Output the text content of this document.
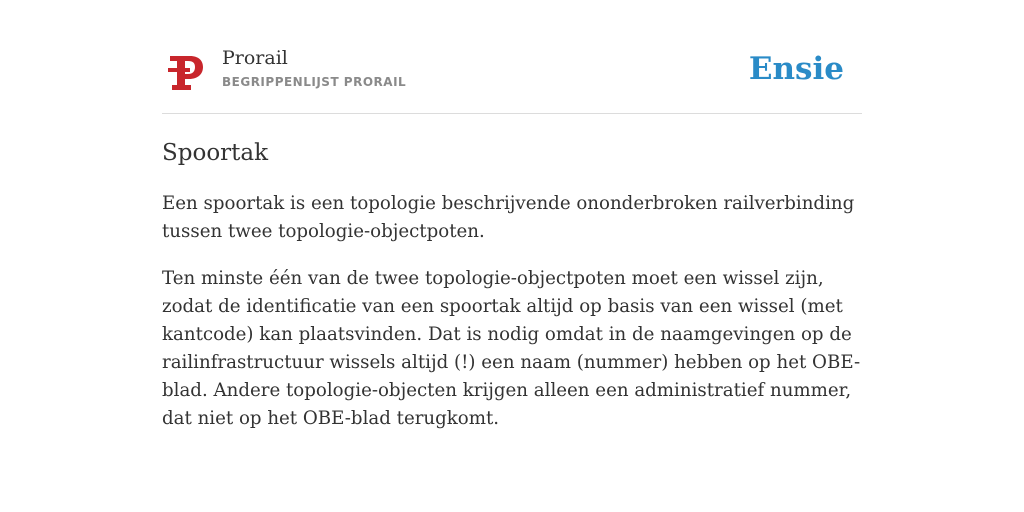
Prorail
BEGRIPPENLIJST PRORAIL	Ensie
Spoortak

Een spoortak is een topologie beschrijvende ononderbroken railverbinding tussen twee topologie-objectpoten.

Ten minste één van de twee topologie-objectpoten moet een wissel zijn, zodat de identificatie van een spoortak altijd op basis van een wissel (met kantcode) kan plaatsvinden. Dat is nodig omdat in de naamgevingen op de railinfrastructuur wissels altijd (!) een naam (nummer) hebben op het OBE-blad. Andere topologie-objecten krijgen alleen een administratief nummer, dat niet op het OBE-blad terugkomt.
